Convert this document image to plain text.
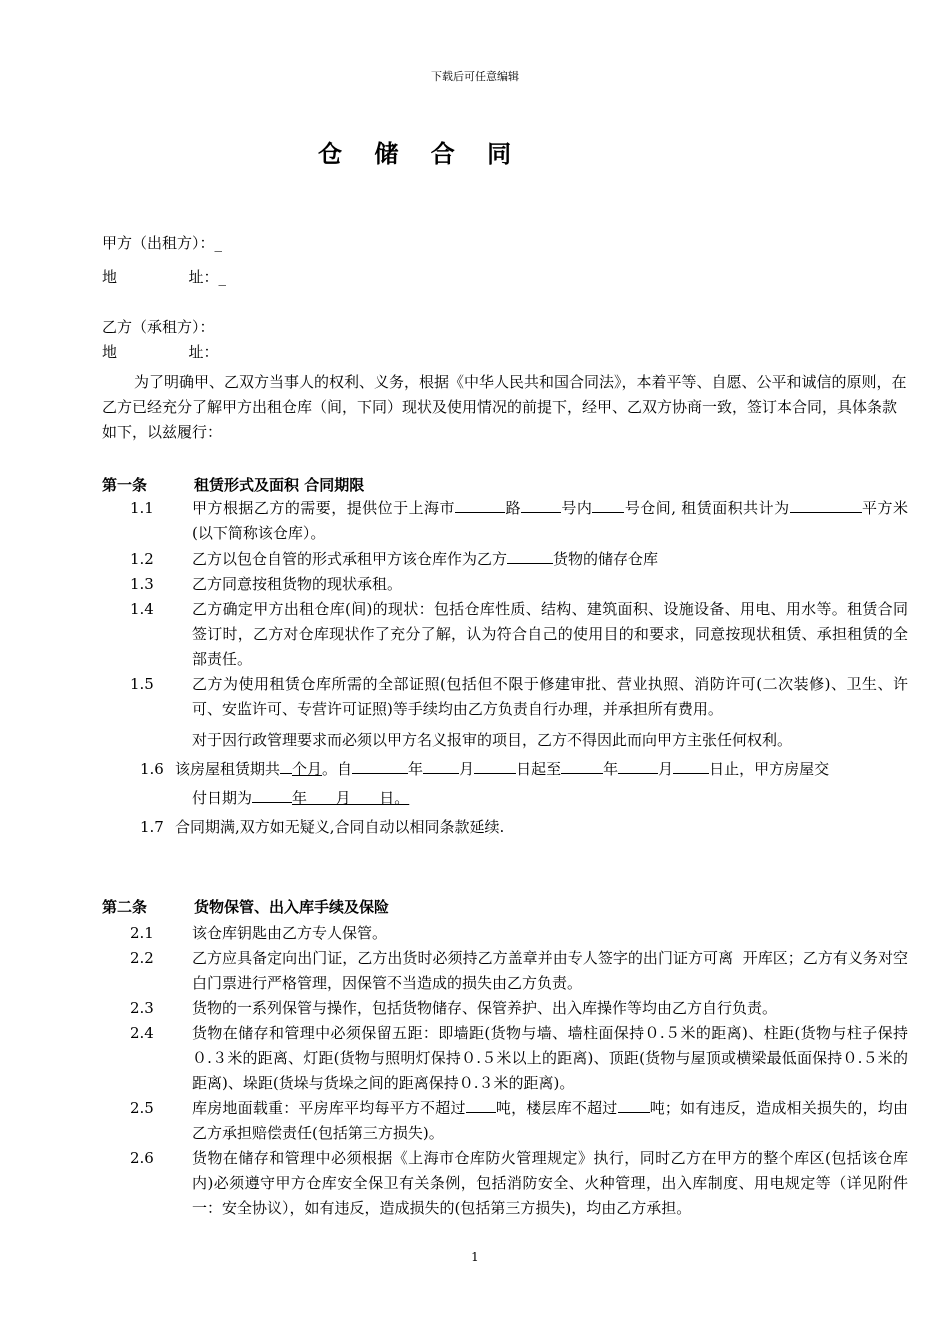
下载后可任意编辑
仓 储 合 同
甲方（出租方）：_
地               址：_
乙方（承租方）：
地               址：
为了明确甲、乙双方当事人的权利、义务，根据《中华人民共和国合同法》，本着平等、自愿、公平和诚信的原则，在乙方已经充分了解甲方出租仓库（间，下同）现状及使用情况的前提下，经甲、乙双方协商一致，签订本合同，具体条款如下，以兹履行：
第一条	租赁形式及面积 合同期限
1.1	甲方根据乙方的需要，提供位于上海市	路	号内 号仓间, 租赁面积共计为	平方米(以下简称该仓库）。
1.2	乙方以包仓自管的形式承租甲方该仓库作为乙方	货物的储存仓库
1.3	乙方同意按租货物的现状承租。
1.4	乙方确定甲方出租仓库(间)的现状：包括仓库性质、结构、建筑面积、设施设备、用电、用水等。租赁合同签订时，乙方对仓库现状作了充分了解，认为符合自己的使用目的和要求，同意按现状租赁、承担租赁的全部责任。
1.5	乙方为使用租赁仓库所需的全部证照(包括但不限于修建审批、营业执照、消防许可(二次装修)、卫生、许可、安监许可、专营许可证照)等手续均由乙方负责自行办理，并承担所有费用。
对于因行政管理要求而必须以甲方名义报审的项目，乙方不得因此而向甲方主张任何权利。
1.6 该房屋租赁期共 个月。自	年 月	日起至	年	月 日止，甲方房屋交
付日期为	年      月      日。
1.7 合同期满,双方如无疑义,合同自动以相同条款延续.
第二条	货物保管、出入库手续及保险
2.1	该仓库钥匙由乙方专人保管。
2.2	乙方应具备定向出门证，乙方出货时必须持乙方盖章并由专人签字的出门证方可离  开库区；乙方有义务对空白门票进行严格管理，因保管不当造成的损失由乙方负责。
2.3	货物的一系列保管与操作，包括货物储存、保管养护、出入库操作等均由乙方自行负责。
2.4	货物在储存和管理中必须保留五距：即墙距(货物与墙、墙柱面保持０.５米的距离)、柱距(货物与柱子保持０.３米的距离、灯距(货物与照明灯保持０.５米以上的距离)、顶距(货物与屋顶或横梁最低面保持０.５米的距离)、垛距(货垛与货垛之间的距离保持０.３米的距离)。
2.5	库房地面载重：平房库平均每平方不超过 吨，楼层库不超过 吨；如有违反，造成相关损失的，均由乙方承担赔偿责任(包括第三方损失)。
2.6	货物在储存和管理中必须根据《上海市仓库防火管理规定》执行，同时乙方在甲方的整个库区(包括该仓库内)必须遵守甲方仓库安全保卫有关条例，包括消防安全、火种管理，出入库制度、用电规定等（详见附件一：安全协议），如有违反，造成损失的(包括第三方损失)，均由乙方承担。
1
